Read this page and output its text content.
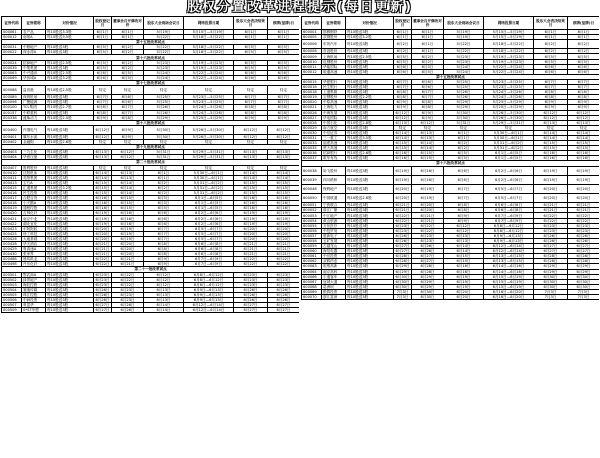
股权分置改革进程提示(每日更新)
证券代码	证券简称	对价情况	股权登记日	董事会召开修改对价	股东大会现场会议日	网络投票日期	股东大会表决结果日	停牌(复牌)日
000061	农产品	每10股送3.3股	6月1日	6月1日	5月19日	5月15日—5月19日	6月1日	6月1日
000012	南玻A	每10股送3.5股	6月1日	6月1日	5月22日	5月18日—5月22日	6月1日	6月1日
第十五批改革试点								
000031	中粮地产	每10股送3股	6月5日	6月2日	5月22日	5月18日—5月22日	6月5日	6月5日
000022	深赤湾A	每10股送3股	6月5日	6月2日	5月22日	5月18日—5月22日	6月5日	6月5日
第十六批改革试点								
000024	招商地产	每10股送2.5股	6月5日	6月2日	5月23日	5月19日—5月23日	6月5日	6月5日
000039	中集集团	每10股送3股	6月5日	6月2日	5月23日	5月19日—5月23日	6月5日	6月5日
000063	中兴通讯	每10股送2.5股	6月6日	6月5日	5月24日	5月22日—5月24日	6月6日	6月6日
000069	华侨城A	每10股送3.2股	6月6日	6月5日	5月24日	5月22日—5月24日	6月6日	6月6日
第十七批改革试点								
000088	盐田港	每10股送2.5股	待定	待定	待定	待定	待定	待定
000089	深圳机场	每10股送3股	6月7日	6月6日	5月25日	5月23日—5月25日	6月7日	6月7日
000096	广聚能源	每10股送3股	6月7日	6月6日	5月25日	5月23日—5月25日	6月7日	6月7日
000100	TCL集团	每10股送2.7股	6月8日	6月7日	5月26日	5月24日—5月26日	6月8日	6月8日
000157	中联重科	每10股送3股	6月8日	6月7日	5月26日	5月24日—5月26日	6月8日	6月8日
000338	潍柴动力	每10股送2.5股	6月9日	6月8日	5月29日	5月25日—5月29日	6月9日	6月9日
第十八批改革试点								
000400	许继电气	每10股送3股	6月12日	6月9日	5月30日	5月26日—5月30日	6月12日	6月12日
000401	冀东水泥	每10股送3股	6月12日	6月9日	5月30日	5月26日—5月30日	6月12日	6月12日
000402	金融街	每10股送2.6股	待定	待定	待定	待定	待定	待定
第十九批改革试点								
000403	三九生化	每10股送3股	6月13日	6月12日	5月31日	5月29日—5月31日	6月13日	6月13日
000404	华意压缩	每10股送3股	6月13日	6月12日	5月31日	5月29日—5月31日	6月13日	6月13日
第二十批改革试点								
000407	胜利股份	每10股送3股	待定	待定	待定	待定	待定	待定
000410	沈阳机床	每10股送3股	6月14日	6月13日	6月1日	5月30日—6月1日	6月14日	6月14日
000411	英特集团	每10股送3股	6月14日	6月13日	6月1日	5月30日—6月1日	6月14日	6月14日
000413	宝石A	每10股送3股	6月15日	6月14日	6月2日	5月31日—6月2日	6月15日	6月15日
000415	汇通集团	每10股送3.2股	6月15日	6月14日	6月2日	5月31日—6月2日	6月15日	6月15日
000416	民生投资	每10股送3股	6月15日	6月14日	6月2日	5月31日—6月2日	6月15日	6月15日
000417	合肥百货	每10股送3股	6月16日	6月15日	6月5日	6月1日—6月5日	6月16日	6月16日
000418	小天鹅A	每10股送3股	6月16日	6月15日	6月5日	6月1日—6月5日	6月16日	6月16日
000419	通程控股	每10股送3股	6月16日	6月15日	6月5日	6月1日—6月5日	6月16日	6月16日
000420	吉林化纤	每10股送3股	6月19日	6月16日	6月6日	6月2日—6月6日	6月19日	6月19日
000421	南京中北	每10股送3股	6月19日	6月16日	6月6日	6月2日—6月6日	6月19日	6月19日
000422	湖北宜化	每10股送3股	6月19日	6月16日	6月6日	6月2日—6月6日	6月19日	6月19日
000423	东阿阿胶	每10股送3股	6月20日	6月19日	6月7日	6月5日—6月7日	6月20日	6月20日
000425	徐工科技	每10股送3股	6月20日	6月19日	6月7日	6月5日—6月7日	6月20日	6月20日
000426	大地基础	每10股送3股	6月20日	6月19日	6月7日	6月5日—6月7日	6月20日	6月20日
000428	华天酒店	每10股送3股	6月21日	6月20日	6月8日	6月6日—6月8日	6月21日	6月21日
000429	粤高速A	每10股送3股	6月21日	6月20日	6月8日	6月6日—6月8日	6月21日	6月21日
000430	张家界	每10股送3股	6月21日	6月20日	6月8日	6月6日—6月8日	6月21日	6月21日
000488	晨鸣纸业	每10股送3股	6月22日	6月21日	6月9日	6月7日—6月9日	6月22日	6月22日
000498	丹东化纤	每10股送3股	6月22日	6月21日	6月9日	6月7日—6月9日	6月22日	6月22日
第二十一批改革试点								
000501	鄂武商A	每10股送3股	6月23日	6月22日	6月12日	6月8日—6月12日	6月23日	6月23日
000502	绿景地产	每10股送3股	6月23日	6月22日	6月12日	6月8日—6月12日	6月23日	6月23日
000503	海虹控股	每10股送3股	6月23日	6月22日	6月12日	6月8日—6月12日	6月23日	6月23日
000504	赛迪传媒	每10股送3股	6月26日	6月23日	6月13日	6月9日—6月13日	6月26日	6月26日
000505	珠江控股	每10股送3股	6月26日	6月23日	6月13日	6月9日—6月13日	6月26日	6月26日
000506	中润投资	每10股送3股	6月26日	6月23日	6月13日	6月9日—6月13日	6月26日	6月26日
000507	粤富华	每10股送3股	6月27日	6月26日	6月14日	6月12日—6月14日	6月27日	6月27日
000509	S*ST华塑	每10股送3股	6月27日	6月26日	6月14日	6月12日—6月14日	6月27日	6月27日
证券代码	证券简称	对价情况	股权登记日	董事会召开修改对价	股东大会现场会议日	网络投票日期	股东大会表决结果日	停牌(复牌)日
600001	邯郸钢铁	每10股送3股	6月1日	6月1日	5月19日	5月15日—5月19日	6月1日	6月1日
600005	武钢股份	每10股送3.2股	6月1日	6月1日	5月19日	5月15日—5月19日	6月1日	6月1日
600006	东风汽车	每10股送3股	6月2日	6月1日	5月22日	5月18日—5月22日	6月2日	6月2日
600008	首创股份	每10股送3股	6月2日	6月1日	5月22日	5月18日—5月22日	6月2日	6月2日
600009	上海机场	每10股送2.5股	6月5日	6月2日	5月23日	5月19日—5月23日	6月5日	6月5日
600010	包钢股份	每10股送3股	6月5日	6月2日	5月23日	5月19日—5月23日	6月5日	6月5日
600011	华能国际	每10股送3股	6月6日	6月5日	5月24日	5月22日—5月24日	6月6日	6月6日
600012	皖通高速	每10股送3股	6月6日	6月5日	5月24日	5月22日—5月24日	6月6日	6月6日
第十五批改革试点								
600015	华夏银行	每10股送3股	6月7日	6月6日	5月25日	5月23日—5月25日	6月7日	6月7日
600016	民生银行	每10股送3股	6月7日	6月6日	5月25日	5月23日—5月25日	6月7日	6月7日
600018	上港集箱	每10股送3股	6月8日	6月7日	5月26日	5月24日—5月26日	6月8日	6月8日
600019	宝钢股份	每10股送2.2股	6月8日	6月7日	5月26日	5月24日—5月26日	6月8日	6月8日
600020	中原高速	每10股送3股	6月9日	6月8日	5月29日	5月25日—5月29日	6月9日	6月9日
600021	上海电力	每10股送3股	6月9日	6月8日	5月29日	5月25日—5月29日	6月9日	6月9日
600026	中海发展	每10股送3股	6月12日	6月9日	5月30日	5月26日—5月30日	6月12日	6月12日
600027	华电国际	每10股送3股	6月12日	6月9日	5月30日	5月26日—5月30日	6月12日	6月12日
600028	中国石化	每10股送2.8股	6月13日	6月12日	5月31日	5月29日—5月31日	6月13日	6月13日
600029	南方航空	每10股送3股	待定	待定	待定	待定	待定	待定
600030	中信证券	每10股送3股	6月14日	6月13日	6月1日	5月30日—6月1日	6月14日	6月14日
600031	三一重工	每10股送3.5股	6月14日	6月13日	6月1日	5月30日—6月1日	6月14日	6月14日
600033	福建高速	每10股送3股	6月15日	6月14日	6月2日	5月31日—6月2日	6月15日	6月15日
600035	楚天高速	每10股送3股	6月15日	6月14日	6月2日	5月31日—6月2日	6月15日	6月15日
600036	招商银行	每10股送2.6股	6月16日	6月15日	6月5日	6月1日—6月5日	6月16日	6月16日
600037	歌华有线	每10股送3股	6月16日	6月15日	6月5日	6月1日—6月5日	6月16日	6月16日
第十六批改革试点								
600038	哈飞股份	每10股送3股	6月19日	6月16日	6月6日	6月2日—6月6日	6月19日	6月19日
600039	四川路桥	每10股送3股	6月19日	6月16日	6月6日	6月2日—6月6日	6月19日	6月19日
600048	保利地产	每10股送3股	6月20日	6月19日	6月7日	6月5日—6月7日	6月20日	6月20日
600050	中国联通	每10股送2.8股	6月20日	6月19日	6月7日	6月5日—6月7日	6月20日	6月20日
600051	宁波联合	每10股送3股	6月21日	6月20日	6月8日	6月6日—6月8日	6月21日	6月21日
600052	浙江广厦	每10股送3股	6月21日	6月20日	6月8日	6月6日—6月8日	6月21日	6月21日
600053	中江地产	每10股送3股	6月22日	6月21日	6月9日	6月7日—6月9日	6月22日	6月22日
600054	黄山旅游	每10股送3股	6月22日	6月21日	6月9日	6月7日—6月9日	6月22日	6月22日
600055	万东医疗	每10股送3股	6月23日	6月22日	6月12日	6月8日—6月12日	6月23日	6月23日
600056	中技贸易	每10股送3股	6月23日	6月22日	6月12日	6月8日—6月12日	6月23日	6月23日
600057	夏新电子	每10股送3股	6月26日	6月23日	6月13日	6月9日—6月13日	6月26日	6月26日
600058	五矿发展	每10股送3股	6月26日	6月23日	6月13日	6月9日—6月13日	6月26日	6月26日
600059	古越龙山	每10股送3股	6月27日	6月26日	6月14日	6月12日—6月14日	6月27日	6月27日
600060	海信电器	每10股送3股	6月27日	6月26日	6月14日	6月12日—6月14日	6月27日	6月27日
600061	中纺投资	每10股送3股	6月28日	6月27日	6月15日	6月13日—6月15日	6月28日	6月28日
600062	双鹤药业	每10股送3股	6月28日	6月27日	6月15日	6月13日—6月15日	6月28日	6月28日
600063	皖维高新	每10股送3股	6月29日	6月28日	6月16日	6月14日—6月16日	6月29日	6月29日
600064	南京高科	每10股送3股	6月29日	6月28日	6月16日	6月14日—6月16日	6月29日	6月29日
600066	宇通客车	每10股送3股	6月30日	6月29日	6月19日	6月15日—6月19日	6月30日	6月30日
600067	冠城大通	每10股送3股	6月30日	6月29日	6月19日	6月15日—6月19日	6月30日	6月30日
600068	葛洲坝	每10股送3股	6月30日	6月29日	6月19日	6月15日—6月19日	6月30日	6月30日
600069	银鸽投资	每10股送3股	7月3日	6月30日	6月20日	6月16日—6月20日	7月3日	7月3日
600070	浙江富润	每10股送3股	7月3日	6月30日	6月20日	6月16日—6月20日	7月3日	7月3日
